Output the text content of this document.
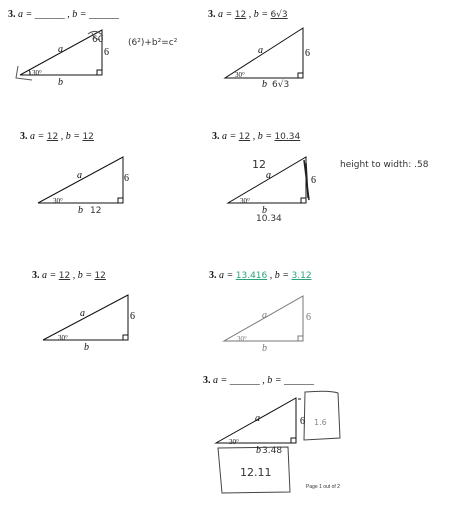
3. a = ______ , b = ______
a	6
b
30°
60	(6²)+b²=c²
3. a = 12 , b = 6√3
a	6
b 6√3
30°
3. a = 12 , b = 12
a	6
b 12
30°
3. a = 12 , b = 10.34
12
a	6
b
10.34
30°
height to width: .58
3. a = 12 , b = 12
a	6
b
30°
3. a = 13.416 , b = 3.12
a	6
b
30°
3. a = ______ , b = ______
a	6
b 3.48
30°
12.11
1.6
Page 1 out of 2
